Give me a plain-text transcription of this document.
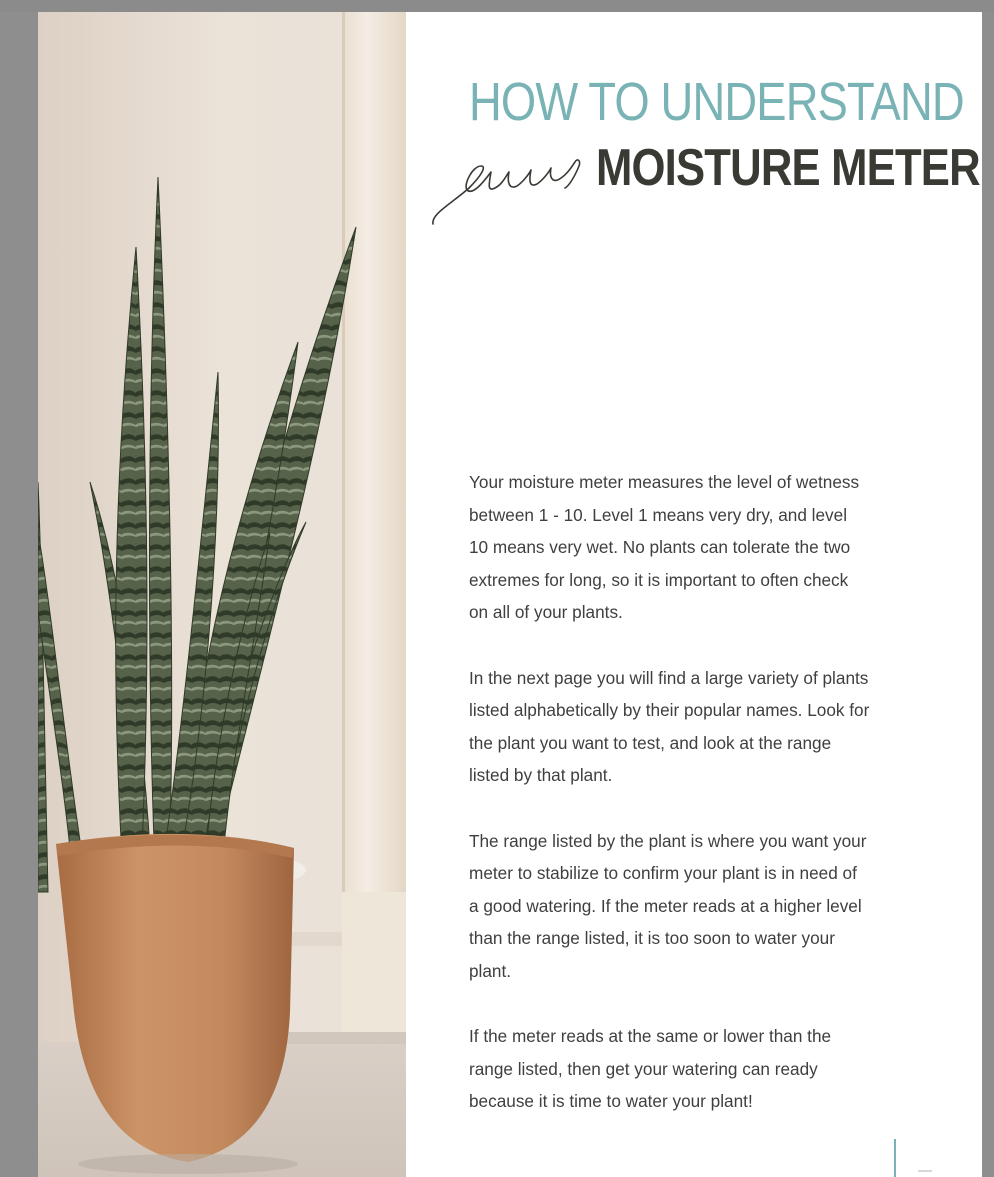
HOW TO UNDERSTAND
MOISTURE METER

Your moisture meter measures the level of wetness
between 1 - 10. Level 1 means very dry, and level
10 means very wet. No plants can tolerate the two
extremes for long, so it is important to often check
on all of your plants.

In the next page you will find a large variety of plants
listed alphabetically by their popular names. Look for
the plant you want to test, and look at the range
listed by that plant.

The range listed by the plant is where you want your
meter to stabilize to confirm your plant is in need of
a good watering. If the meter reads at a higher level
than the range listed, it is too soon to water your
plant.

If the meter reads at the same or lower than the
range listed, then get your watering can ready
because it is time to water your plant!
